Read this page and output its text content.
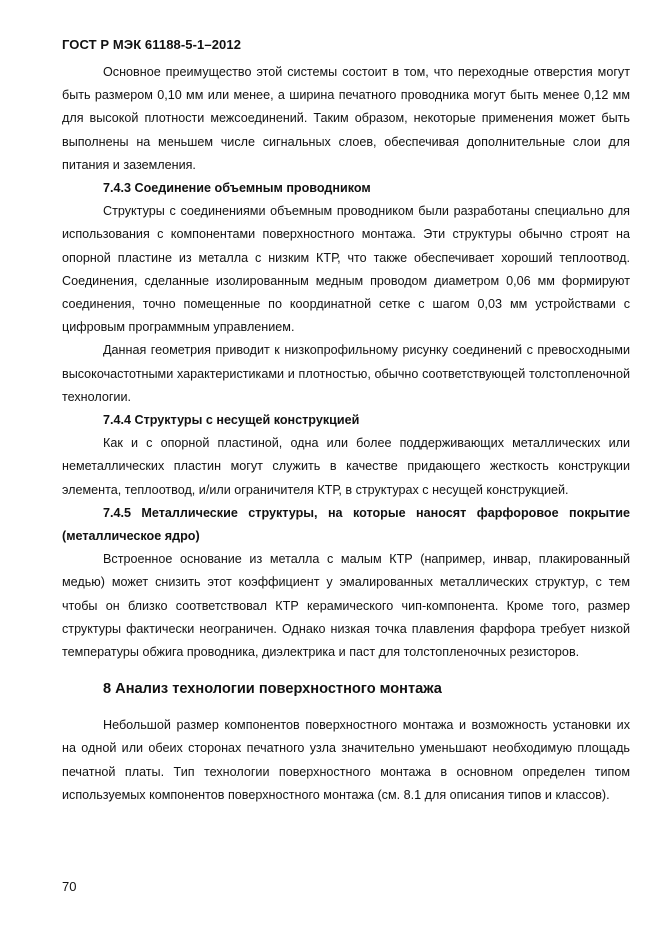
ГОСТ Р МЭК 61188-5-1–2012

Основное преимущество этой системы состоит в том, что переходные отверстия могут быть размером 0,10 мм или менее, а ширина печатного проводника могут быть менее 0,12 мм для высокой плотности межсоединений. Таким образом, некоторые применения может быть выполнены на меньшем числе сигнальных слоев, обеспечивая дополнительные слои для питания и заземления.

7.4.3 Соединение объемным проводником

Структуры с соединениями объемным проводником были разработаны специально для использования с компонентами поверхностного монтажа. Эти структуры обычно строят на опорной пластине из металла с низким КТР, что также обеспечивает хороший теплоотвод. Соединения, сделанные изолированным медным проводом диаметром 0,06 мм формируют соединения, точно помещенные по координатной сетке с шагом 0,03 мм устройствами с цифровым программным управлением.

Данная геометрия приводит к низкопрофильному рисунку соединений с превосходными высокочастотными характеристиками и плотностью, обычно соответствующей толстопленочной технологии.

7.4.4 Структуры с несущей конструкцией

Как и с опорной пластиной, одна или более поддерживающих металлических или неметаллических пластин могут служить в качестве придающего жесткость конструкции элемента, теплоотвод, и/или ограничителя КТР, в структурах с несущей конструкцией.

7.4.5 Металлические структуры, на которые наносят фарфоровое покрытие (металлическое ядро)

Встроенное основание из металла с малым КТР (например, инвар, плакированный медью) может снизить этот коэффициент у эмалированных металлических структур, с тем чтобы он близко соответствовал КТР керамического чип-компонента. Кроме того, размер структуры фактически неограничен. Однако низкая точка плавления фарфора требует низкой температуры обжига проводника, диэлектрика и паст для толстопленочных резисторов.

8 Анализ технологии поверхностного монтажа

Небольшой размер компонентов поверхностного монтажа и возможность установки их на одной или обеих сторонах печатного узла значительно уменьшают необходимую площадь печатной платы. Тип технологии поверхностного монтажа в основном определен типом используемых компонентов поверхностного монтажа (см. 8.1 для описания типов и классов).

70
